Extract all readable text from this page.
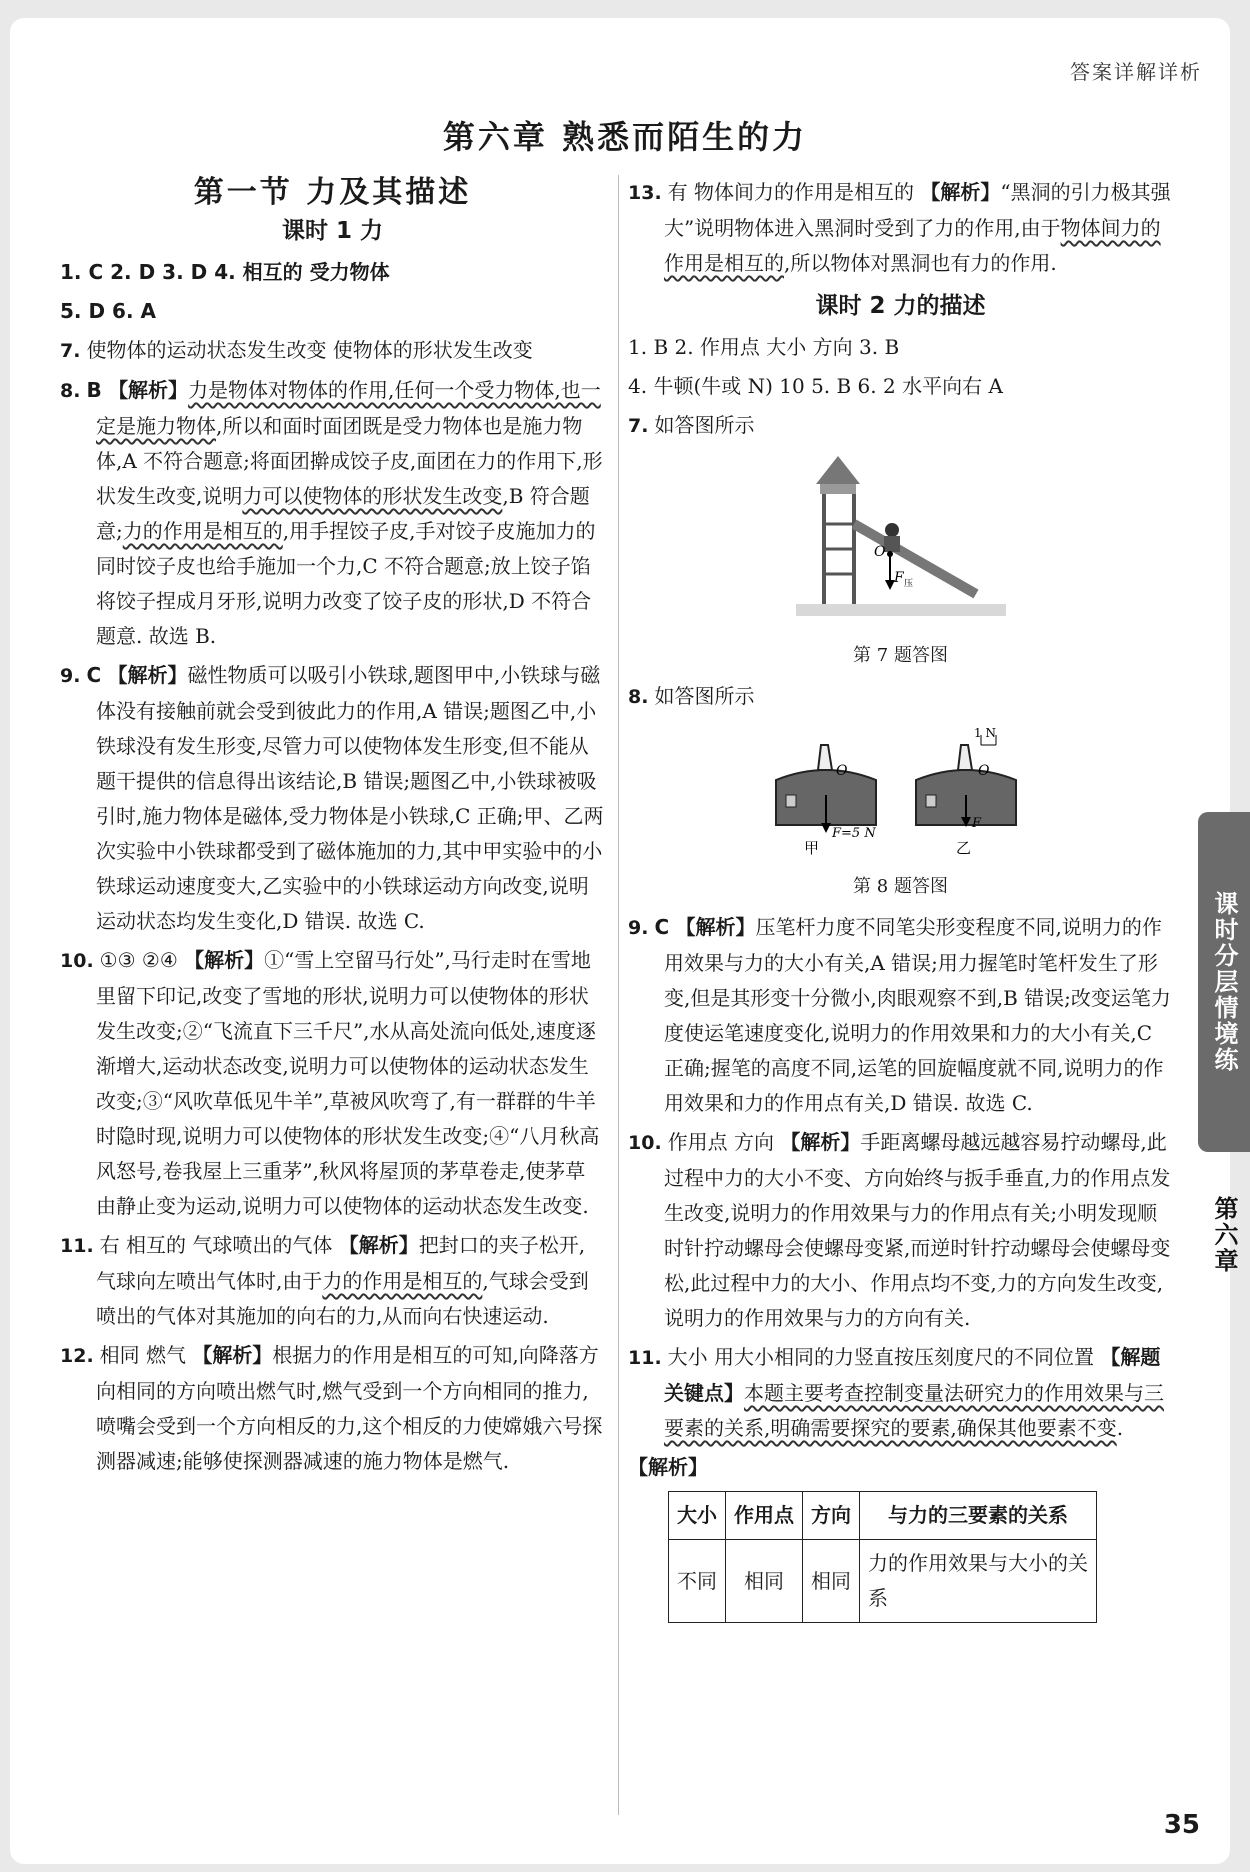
答案详解详析
第六章 熟悉而陌生的力
第一节 力及其描述
课时 1 力

1. C 2. D 3. D 4. 相互的 受力物体

5. D 6. A

7. 使物体的运动状态发生改变 使物体的形状发生改变

8. B 【解析】力是物体对物体的作用,任何一个受力物体,也一定是施力物体,所以和面时面团既是受力物体也是施力物体,A 不符合题意;将面团擀成饺子皮,面团在力的作用下,形状发生改变,说明力可以使物体的形状发生改变,B 符合题意;力的作用是相互的,用手捏饺子皮,手对饺子皮施加力的同时饺子皮也给手施加一个力,C 不符合题意;放上饺子馅将饺子捏成月牙形,说明力改变了饺子皮的形状,D 不符合题意. 故选 B.

9. C 【解析】磁性物质可以吸引小铁球,题图甲中,小铁球与磁体没有接触前就会受到彼此力的作用,A 错误;题图乙中,小铁球没有发生形变,尽管力可以使物体发生形变,但不能从题干提供的信息得出该结论,B 错误;题图乙中,小铁球被吸引时,施力物体是磁体,受力物体是小铁球,C 正确;甲、乙两次实验中小铁球都受到了磁体施加的力,其中甲实验中的小铁球运动速度变大,乙实验中的小铁球运动方向改变,说明运动状态均发生变化,D 错误. 故选 C.

10. ①③ ②④ 【解析】①“雪上空留马行处”,马行走时在雪地里留下印记,改变了雪地的形状,说明力可以使物体的形状发生改变;②“飞流直下三千尺”,水从高处流向低处,速度逐渐增大,运动状态改变,说明力可以使物体的运动状态发生改变;③“风吹草低见牛羊”,草被风吹弯了,有一群群的牛羊时隐时现,说明力可以使物体的形状发生改变;④“八月秋高风怒号,卷我屋上三重茅”,秋风将屋顶的茅草卷走,使茅草由静止变为运动,说明力可以使物体的运动状态发生改变.

11. 右 相互的 气球喷出的气体 【解析】把封口的夹子松开,气球向左喷出气体时,由于力的作用是相互的,气球会受到喷出的气体对其施加的向右的力,从而向右快速运动.

12. 相同 燃气 【解析】根据力的作用是相互的可知,向降落方向相同的方向喷出燃气时,燃气受到一个方向相同的推力,喷嘴会受到一个方向相反的力,这个相反的力使嫦娥六号探测器减速;能够使探测器减速的施力物体是燃气.

13. 有 物体间力的作用是相互的 【解析】“黑洞的引力极其强大”说明物体进入黑洞时受到了力的作用,由于物体间力的作用是相互的,所以物体对黑洞也有力的作用.

课时 2 力的描述

1. B 2. 作用点 大小 方向 3. B

4. 牛顿(牛或 N) 10 5. B 6. 2 水平向右 A

7. 如答图所示

O
F 压
第 7 题答图

8. 如答图所示

O
F=5 N
甲
1 N
O
F
乙
第 8 题答图

9. C 【解析】压笔杆力度不同笔尖形变程度不同,说明力的作用效果与力的大小有关,A 错误;用力握笔时笔杆发生了形变,但是其形变十分微小,肉眼观察不到,B 错误;改变运笔力度使运笔速度变化,说明力的作用效果和力的大小有关,C 正确;握笔的高度不同,运笔的回旋幅度就不同,说明力的作用效果和力的作用点有关,D 错误. 故选 C.

10. 作用点 方向 【解析】手距离螺母越远越容易拧动螺母,此过程中力的大小不变、方向始终与扳手垂直,力的作用点发生改变,说明力的作用效果与力的作用点有关;小明发现顺时针拧动螺母会使螺母变紧,而逆时针拧动螺母会使螺母变松,此过程中力的大小、作用点均不变,力的方向发生改变,说明力的作用效果与力的方向有关.

11. 大小 用大小相同的力竖直按压刻度尺的不同位置 【解题关键点】本题主要考查控制变量法研究力的作用效果与三要素的关系,明确需要探究的要素,确保其他要素不变.

【解析】

大小	作用点	方向	与力的三要素的关系
不同	相同	相同	力的作用效果与大小的关系
课时分层情境练
第六章
35
